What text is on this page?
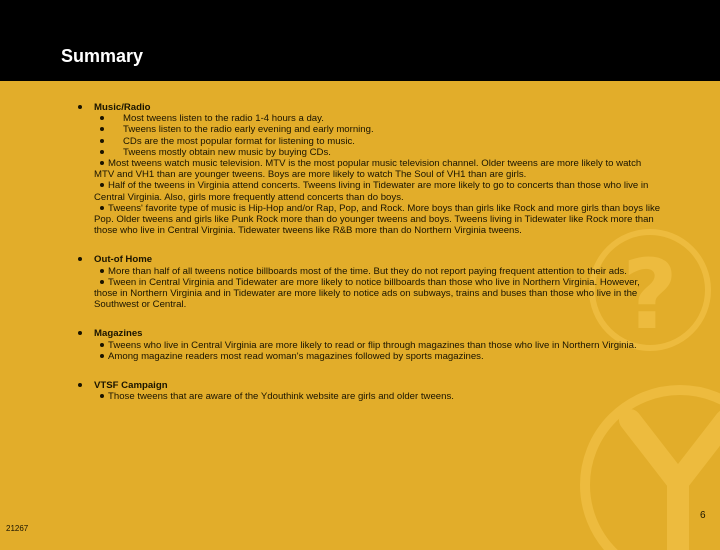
Summary
?
Music/Radio
Most tweens listen to the radio 1-4 hours a day.
Tweens listen to the radio early evening and early morning.
CDs are the most popular format for listening to music.
Tweens mostly obtain new music by buying CDs.
Most tweens watch music television. MTV is the most popular music television channel. Older tweens are more likely to watch MTV and VH1 than are younger tweens. Boys are more likely to watch The Soul of VH1 than are girls.
Half of the tweens in Virginia attend concerts. Tweens living in Tidewater are more likely to go to concerts than those who live in Central Virginia. Also, girls more frequently attend concerts than do boys.
Tweens' favorite type of music is Hip-Hop and/or Rap, Pop, and Rock. More boys than girls like Rock and more girls than boys like Pop. Older tweens and girls like Punk Rock more than do younger tweens and boys. Tweens living in Tidewater like Rock more than those who live in Central Virginia. Tidewater tweens like R&B more than do Northern Virginia tweens.
Out-of Home
More than half of all tweens notice billboards most of the time. But they do not report paying frequent attention to their ads.
Tween in Central Virginia and Tidewater are more likely to notice billboards than those who live in Northern Virginia. However, those in Northern Virginia and in Tidewater are more likely to notice ads on subways, trains and buses than those who live in the Southwest or Central.
Magazines
Tweens who live in Central Virginia are more likely to read or flip through magazines than those who live in Northern Virginia.
Among magazine readers most read woman's magazines followed by sports magazines.
VTSF Campaign
Those tweens that are aware of the Ydouthink website are girls and older tweens.
6
21267
